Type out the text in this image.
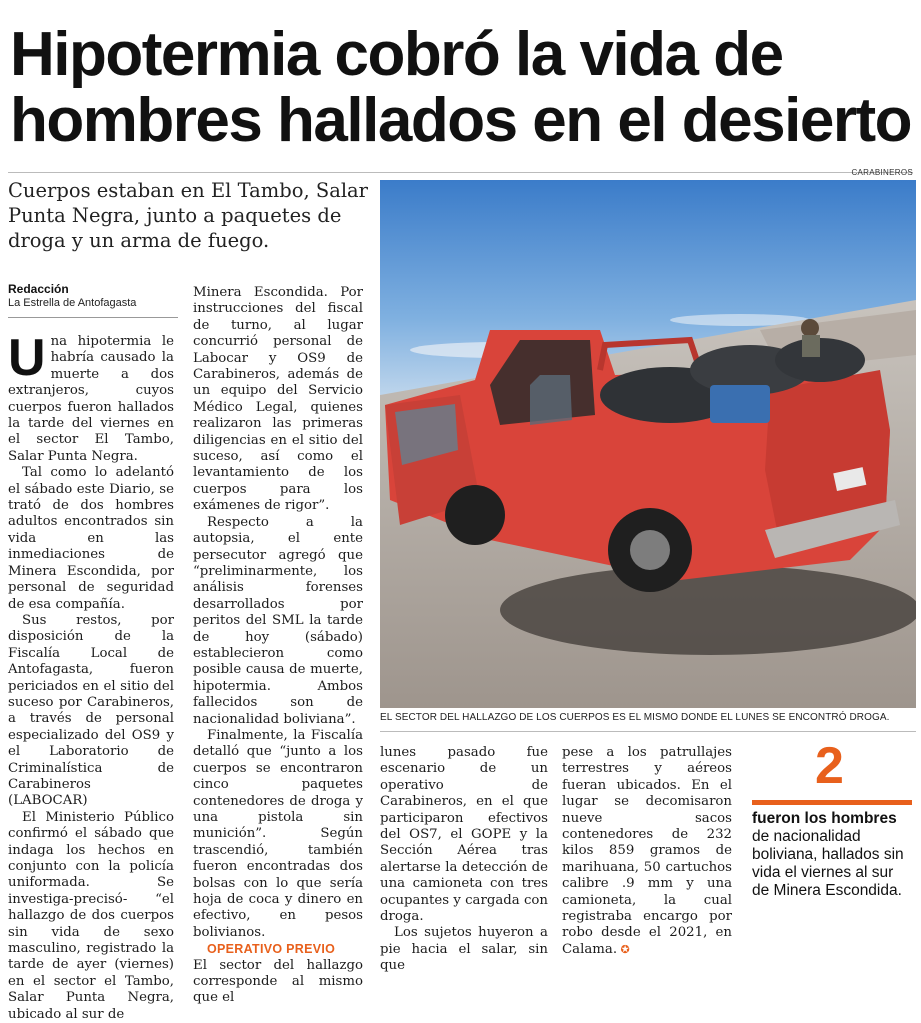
Hipotermia cobró la vida de
hombres hallados en el desierto
Cuerpos estaban en El Tambo, Salar Punta Negra, junto a paquetes de droga y un arma de fuego.
CARABINEROS
Redacción
La Estrella de Antofagasta

Una hipotermia le habría causado la muerte a dos extranjeros, cuyos cuerpos fueron hallados la tarde del viernes en el sector El Tambo, Salar Punta Negra.

Tal como lo adelantó el sábado este Diario, se trató de dos hombres adultos encontrados sin vida en las inmediaciones de Minera Escondida, por personal de seguridad de esa compañía.

Sus restos, por disposición de la Fiscalía Local de Antofagasta, fueron periciados en el sitio del suceso por Carabineros, a través de personal especializado del OS9 y el Laboratorio de Criminalística de Carabineros (LABOCAR)

El Ministerio Público confirmó el sábado que indaga los hechos en conjunto con la policía uniformada. Se investiga-precisó- “el hallazgo de dos cuerpos sin vida de sexo masculino, registrado la tarde de ayer (viernes) en el sector el Tambo, Salar Punta Negra, ubicado al sur de

Minera Escondida. Por instrucciones del fiscal de turno, al lugar concurrió personal de Labocar y OS9 de Carabineros, además de un equipo del Servicio Médico Legal, quienes realizaron las primeras diligencias en el sitio del suceso, así como el levantamiento de los cuerpos para los exámenes de rigor”.

Respecto a la autopsia, el ente persecutor agregó que “preliminarmente, los análisis forenses desarrollados por peritos del SML la tarde de hoy (sábado) establecieron como posible causa de muerte, hipotermia. Ambos fallecidos son de nacionalidad boliviana”.

Finalmente, la Fiscalía detalló que “junto a los cuerpos se encontraron cinco paquetes contenedores de droga y una pistola sin munición”. Según trascendió, también fueron encontradas dos bolsas con lo que sería hoja de coca y dinero en efectivo, en pesos bolivianos.

OPERATIVO PREVIO

El sector del hallazgo corresponde al mismo que el

EL SECTOR DEL HALLAZGO DE LOS CUERPOS ES EL MISMO DONDE EL LUNES SE ENCONTRÓ DROGA.

lunes pasado fue escenario de un operativo de Carabineros, en el que participaron efectivos del OS7, el GOPE y la Sección Aérea tras alertarse la detección de una camioneta con tres ocupantes y cargada con droga.

Los sujetos huyeron a pie hacia el salar, sin que

pese a los patrullajes terrestres y aéreos fueran ubicados. En el lugar se decomisaron nueve sacos contenedores de 232 kilos 859 gramos de marihuana, 50 cartuchos calibre .9 mm y una camioneta, la cual registraba encargo por robo desde el 2021, en Calama. ✪

2
fueron los hombres de nacionalidad boliviana, hallados sin vida el viernes al sur de Minera Escondida.
